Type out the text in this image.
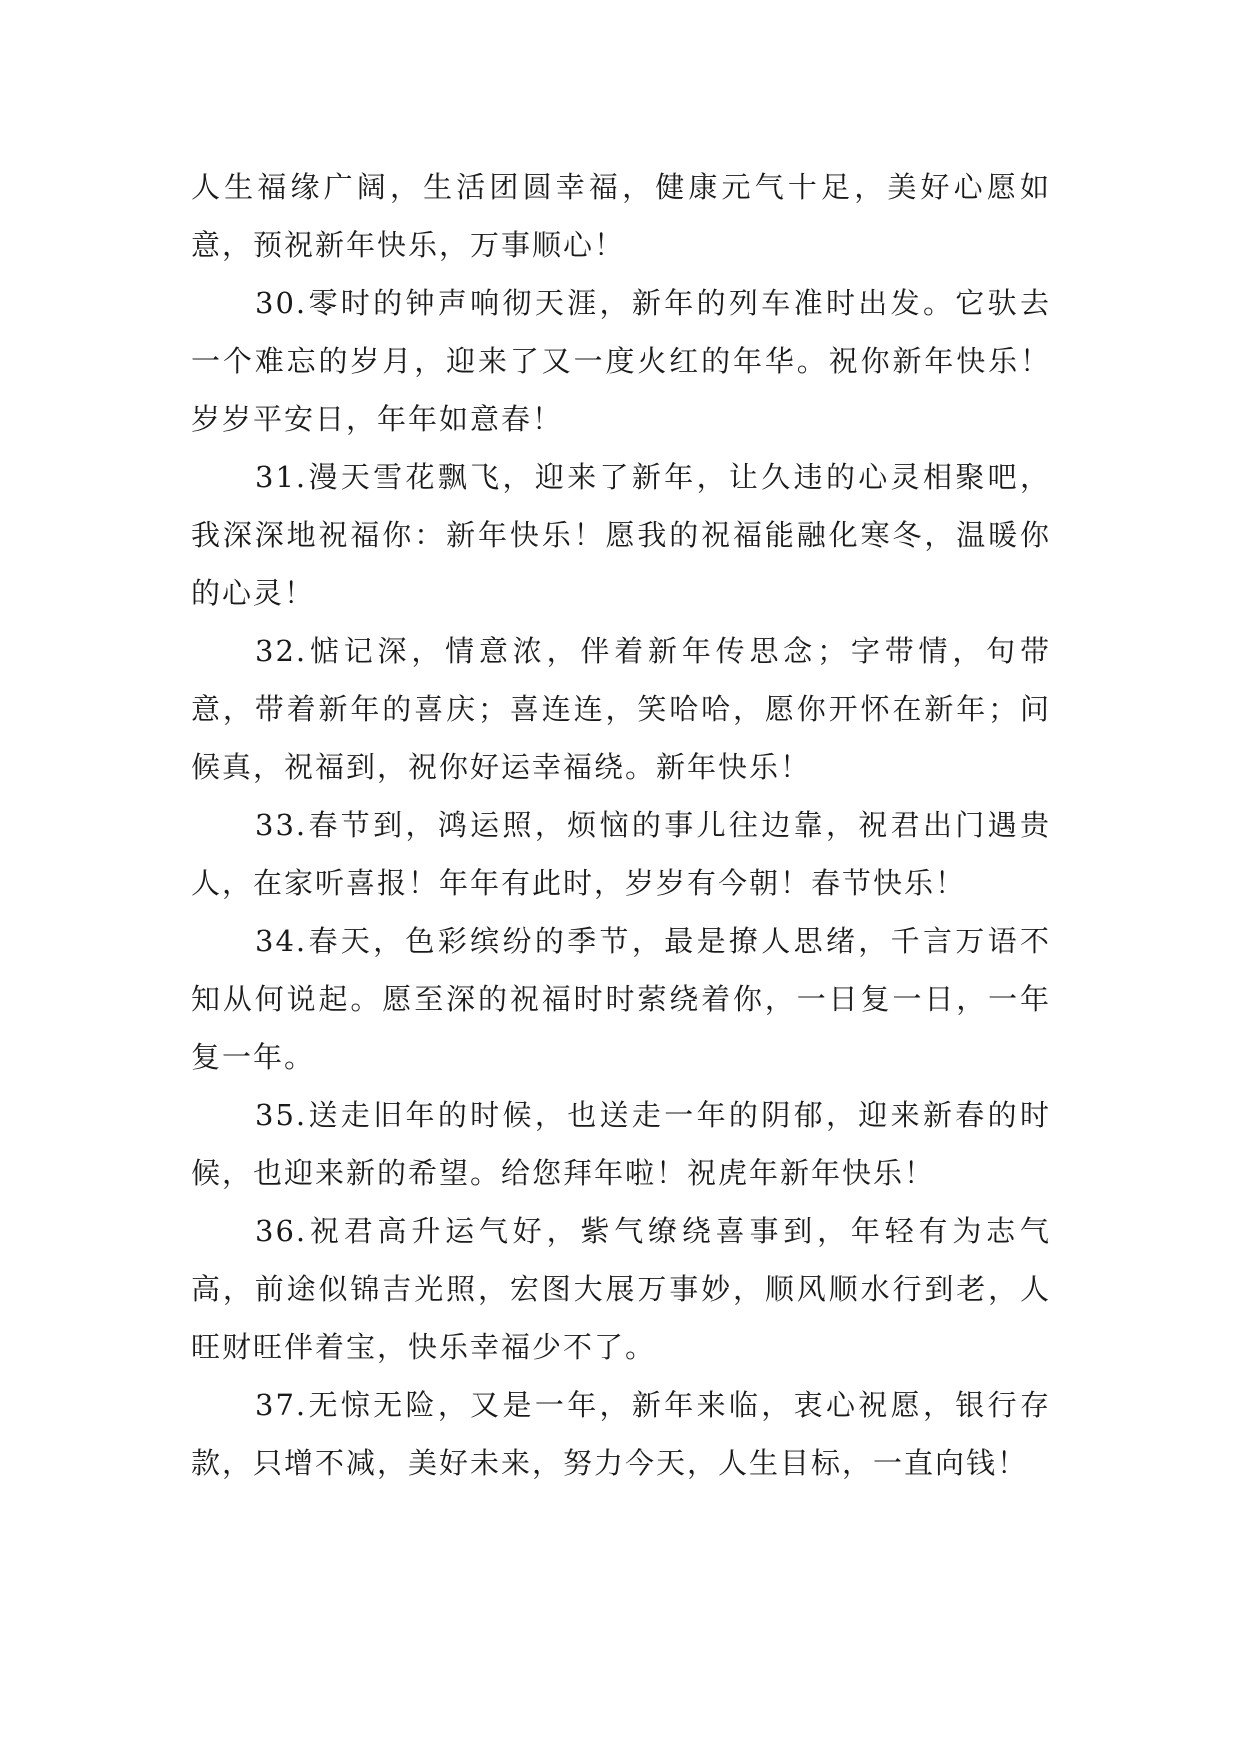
人生福缘广阔，生活团圆幸福，健康元气十足，美好心愿如意，预祝新年快乐，万事顺心！

30.零时的钟声响彻天涯，新年的列车准时出发。它驮去一个难忘的岁月，迎来了又一度火红的年华。祝你新年快乐！岁岁平安日，年年如意春！

31.漫天雪花飘飞，迎来了新年，让久违的心灵相聚吧，我深深地祝福你：新年快乐！愿我的祝福能融化寒冬，温暖你的心灵！

32.惦记深，情意浓，伴着新年传思念；字带情，句带意，带着新年的喜庆；喜连连，笑哈哈，愿你开怀在新年；问候真，祝福到，祝你好运幸福绕。新年快乐！

33.春节到，鸿运照，烦恼的事儿往边靠，祝君出门遇贵人，在家听喜报！年年有此时，岁岁有今朝！春节快乐！

34.春天，色彩缤纷的季节，最是撩人思绪，千言万语不知从何说起。愿至深的祝福时时萦绕着你，一日复一日，一年复一年。

35.送走旧年的时候，也送走一年的阴郁，迎来新春的时候，也迎来新的希望。给您拜年啦！祝虎年新年快乐！

36.祝君高升运气好，紫气缭绕喜事到，年轻有为志气高，前途似锦吉光照，宏图大展万事妙，顺风顺水行到老，人旺财旺伴着宝，快乐幸福少不了。

37.无惊无险，又是一年，新年来临，衷心祝愿，银行存款，只增不减，美好未来，努力今天，人生目标，一直向钱！
